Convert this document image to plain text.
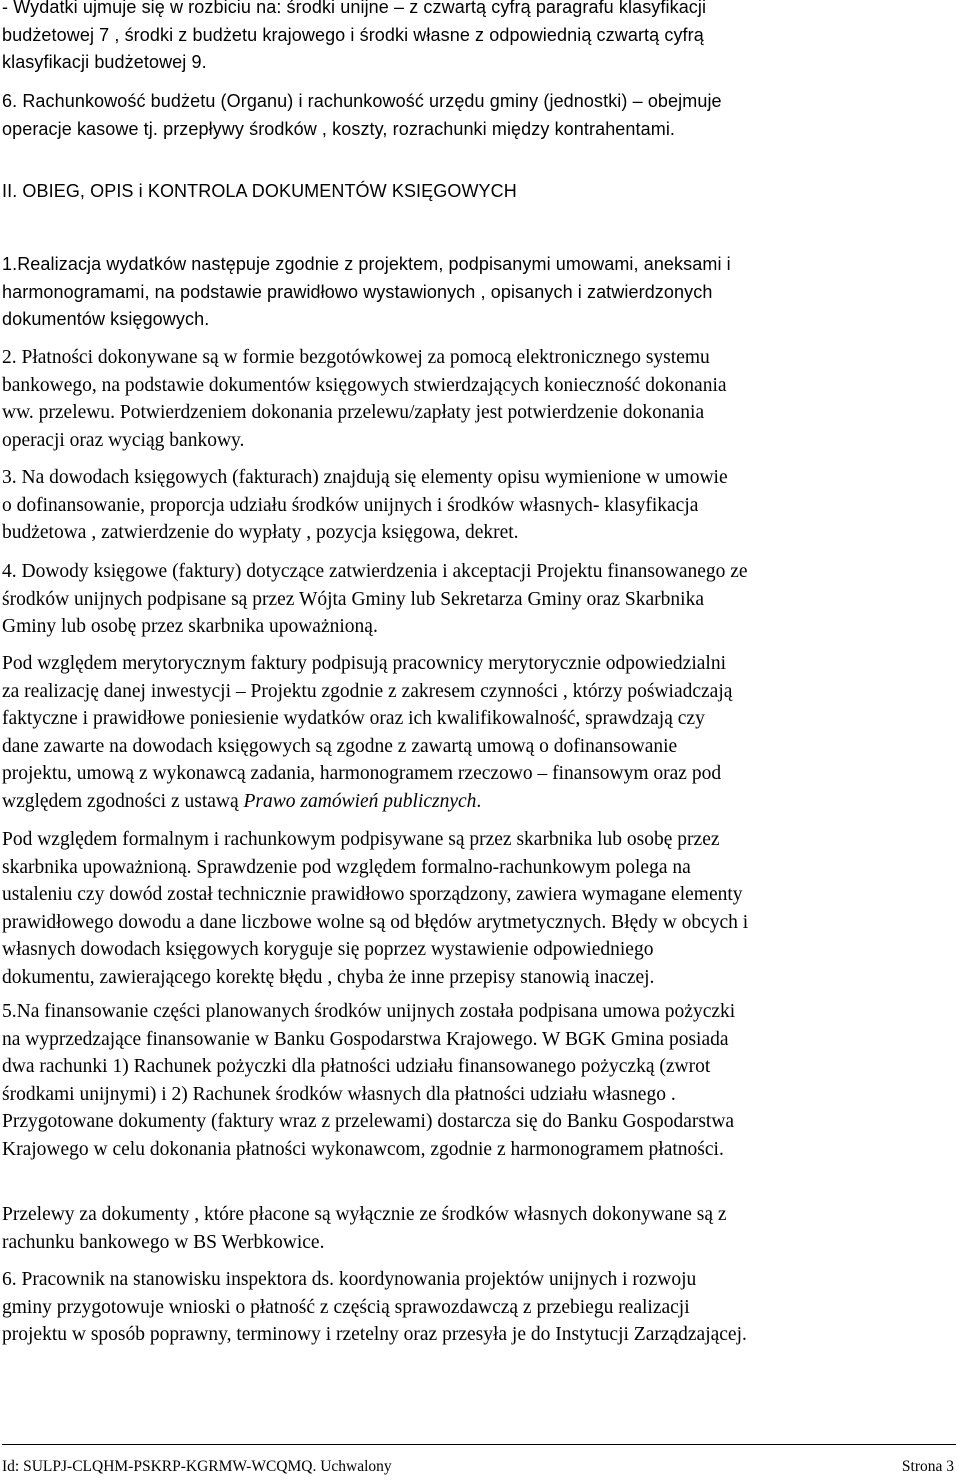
- Wydatki ujmuje się w rozbiciu na: środki unijne – z czwartą cyfrą paragrafu klasyfikacji
budżetowej 7 , środki z budżetu krajowego i środki własne z odpowiednią czwartą cyfrą
klasyfikacji budżetowej 9.
6. Rachunkowość budżetu (Organu) i rachunkowość urzędu gminy (jednostki) – obejmuje
operacje kasowe tj. przepływy środków , koszty, rozrachunki między kontrahentami.
II. OBIEG, OPIS i KONTROLA DOKUMENTÓW KSIĘGOWYCH
1.Realizacja wydatków następuje zgodnie z projektem, podpisanymi umowami, aneksami i
harmonogramami, na podstawie prawidłowo wystawionych , opisanych i zatwierdzonych
dokumentów księgowych.
2. Płatności dokonywane są w formie bezgotówkowej za pomocą elektronicznego systemu
bankowego, na podstawie dokumentów księgowych stwierdzających konieczność dokonania
ww. przelewu. Potwierdzeniem dokonania przelewu/zapłaty jest potwierdzenie dokonania
operacji oraz wyciąg bankowy.
3. Na dowodach księgowych (fakturach) znajdują się elementy opisu wymienione w umowie
o dofinansowanie, proporcja udziału środków unijnych i środków własnych- klasyfikacja
budżetowa , zatwierdzenie do wypłaty , pozycja księgowa, dekret.
4. Dowody księgowe (faktury) dotyczące zatwierdzenia i akceptacji Projektu finansowanego ze
środków unijnych podpisane są przez Wójta Gminy lub Sekretarza Gminy oraz Skarbnika
Gminy lub osobę przez skarbnika upoważnioną.
Pod względem merytorycznym faktury podpisują pracownicy merytorycznie odpowiedzialni
za realizację danej inwestycji – Projektu zgodnie z zakresem czynności , którzy poświadczają
faktyczne i prawidłowe poniesienie wydatków oraz ich kwalifikowalność, sprawdzają czy
dane zawarte na dowodach księgowych są zgodne z zawartą umową o dofinansowanie
projektu, umową z wykonawcą zadania, harmonogramem rzeczowo – finansowym oraz pod
względem zgodności z ustawą Prawo zamówień publicznych.
Pod względem formalnym i rachunkowym podpisywane są przez skarbnika lub osobę przez
skarbnika upoważnioną. Sprawdzenie pod względem formalno-rachunkowym polega na
ustaleniu czy dowód został technicznie prawidłowo sporządzony, zawiera wymagane elementy
prawidłowego dowodu a dane liczbowe wolne są od błędów arytmetycznych. Błędy w obcych i
własnych dowodach księgowych koryguje się poprzez wystawienie odpowiedniego
dokumentu, zawierającego korektę błędu , chyba że inne przepisy stanowią inaczej.
5.Na finansowanie części planowanych środków unijnych została podpisana umowa pożyczki
na wyprzedzające finansowanie w Banku Gospodarstwa Krajowego. W BGK Gmina posiada
dwa rachunki 1) Rachunek pożyczki dla płatności udziału finansowanego pożyczką (zwrot
środkami unijnymi) i 2) Rachunek środków własnych dla płatności udziału własnego .
Przygotowane dokumenty (faktury wraz z przelewami) dostarcza się do Banku Gospodarstwa
Krajowego w celu dokonania płatności wykonawcom, zgodnie z harmonogramem płatności.
Przelewy za dokumenty , które płacone są wyłącznie ze środków własnych dokonywane są z
rachunku bankowego w BS Werbkowice.
6. Pracownik na stanowisku inspektora ds. koordynowania projektów unijnych i rozwoju
gminy przygotowuje wnioski o płatność z częścią sprawozdawczą z przebiegu realizacji
projektu w sposób poprawny, terminowy i rzetelny oraz przesyła je do Instytucji Zarządzającej.
Id: SULPJ-CLQHM-PSKRP-KGRMW-WCQMQ. Uchwalony	Strona 3
